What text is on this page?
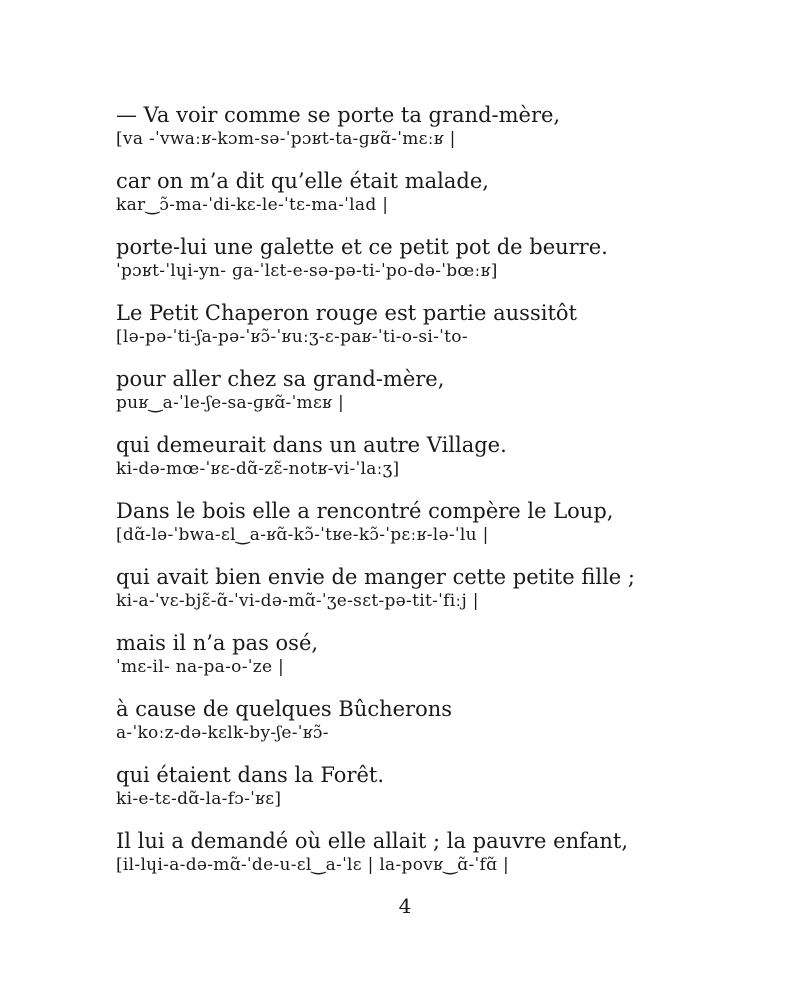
— Va voir comme se porte ta grand-mère,
[va -ˈvwaːʁ-kɔm-sə-ˈpɔʁt-ta-ɡʁɑ̃-ˈmɛːʁ |
car on m’a dit qu’elle était malade,
kar‿ɔ̃-ma-ˈdi-kɛ-le-ˈtɛ-ma-ˈlad |
porte-lui une galette et ce petit pot de beurre.
ˈpɔʁt-ˈlɥi-yn- ɡa-ˈlɛt-e-sə-pə-ti-ˈpo-də-ˈbœːʁ]
Le Petit Chaperon rouge est partie aussitôt
[lə-pə-ˈti-ʃa-pə-ˈʁɔ̃-ˈʁuːʒ-ɛ-paʁ-ˈti-o-si-ˈto-
pour aller chez sa grand-mère,
puʁ‿a-ˈle-ʃe-sa-ɡʁɑ̃-ˈmɛʁ |
qui demeurait dans un autre Village.
ki-də-mœ-ˈʁɛ-dɑ̃-zɛ̃-notʁ-vi-ˈlaːʒ]
Dans le bois elle a rencontré compère le Loup,
[dɑ̃-lə-ˈbwa-ɛl‿a-ʁɑ̃-kɔ̃-ˈtʁe-kɔ̃-ˈpɛːʁ-lə-ˈlu |
qui avait bien envie de manger cette petite fille ;
ki-a-ˈvɛ-bjɛ̃-ɑ̃-ˈvi-də-mɑ̃-ˈʒe-sɛt-pə-tit-ˈfiːj |
mais il n’a pas osé,
ˈmɛ-il- na-pa-o-ˈze |
à cause de quelques Bûcherons
a-ˈkoːz-də-kɛlk-by-ʃe-ˈʁɔ̃-
qui étaient dans la Forêt.
ki-e-tɛ-dɑ̃-la-fɔ-ˈʁɛ]
Il lui a demandé où elle allait ; la pauvre enfant,
[il-lɥi-a-də-mɑ̃-ˈde-u-ɛl‿a-ˈlɛ | la-povʁ‿ɑ̃-ˈfɑ̃ |
4
